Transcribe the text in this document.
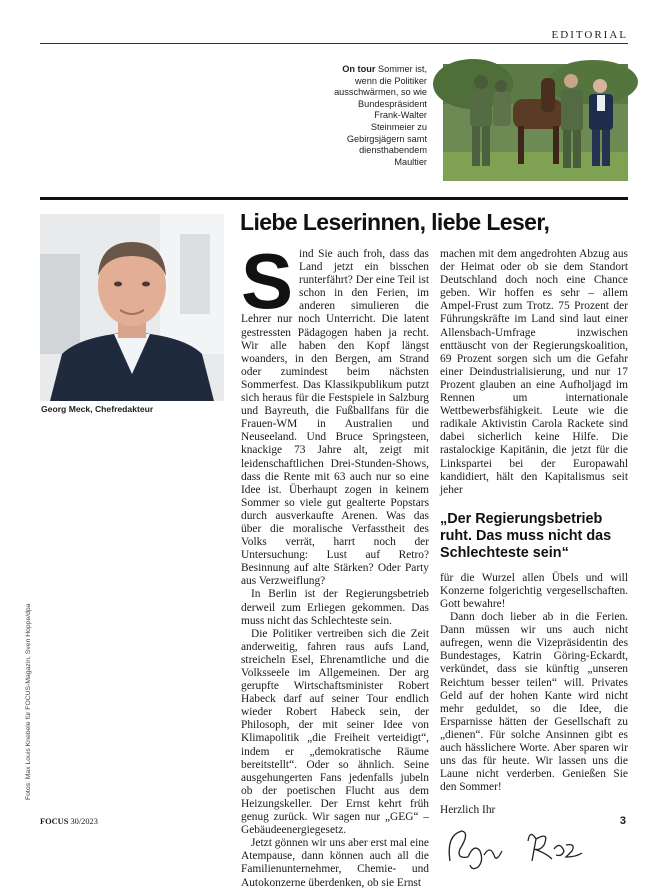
EDITORIAL
On tour Sommer ist, wenn die Politiker ausschwärmen, so wie Bundespräsident Frank-Walter Steinmeier zu Gebirgsjägern samt diensthabendem Maultier
Georg Meck, Chefredakteur
Liebe Leserinnen, liebe Leser,

Sind Sie auch froh, dass das Land jetzt ein bisschen runterfährt? Der eine Teil ist schon in den Ferien, im anderen simulieren die Lehrer nur noch Unterricht. Die latent gestressten Pädagogen haben ja recht. Wir alle haben den Kopf längst woanders, in den Bergen, am Strand oder zumindest beim nächsten Sommerfest. Das Klassikpublikum putzt sich heraus für die Festspiele in Salzburg und Bayreuth, die Fußballfans für die Frauen-WM in Australien und Neuseeland. Und Bruce Springsteen, knackige 73 Jahre alt, zeigt mit leidenschaftlichen Drei-Stunden-Shows, dass die Rente mit 63 auch nur so eine Idee ist. Überhaupt zogen in keinem Sommer so viele gut gealterte Popstars durch ausverkaufte Arenen. Was das über die moralische Verfasstheit des Volks verrät, harrt noch der Untersuchung: Lust auf Retro? Besinnung auf alte Stärken? Oder Party aus Verzweiflung?

In Berlin ist der Regierungsbetrieb derweil zum Erliegen gekommen. Das muss nicht das Schlechteste sein.

Die Politiker vertreiben sich die Zeit anderweitig, fahren raus aufs Land, streicheln Esel, Ehrenamtliche und die Volksseele im Allgemeinen. Der arg gerupfte Wirtschaftsminister Robert Habeck darf auf seiner Tour endlich wieder Robert Habeck sein, der Philosoph, der mit seiner Idee von Klimapolitik „die Freiheit verteidigt“, indem er „demokratische Räume bereitstellt“. Oder so ähnlich. Seine ausgehungerten Fans jedenfalls jubeln ob der poetischen Flucht aus dem Heizungskeller. Der Ernst kehrt früh genug zurück. Wir sagen nur „GEG“ – Gebäudeenergiegesetz.

Jetzt gönnen wir uns aber erst mal eine Atempause, dann können auch all die Familienunternehmer, Chemie- und Autokonzerne überdenken, ob sie Ernst

machen mit dem angedrohten Abzug aus der Heimat oder ob sie dem Standort Deutschland doch noch eine Chance geben. Wir hoffen es sehr – allem Ampel-Frust zum Trotz. 75 Prozent der Führungskräfte im Land sind laut einer Allensbach-Umfrage inzwischen enttäuscht von der Regierungskoalition, 69 Prozent sorgen sich um die Gefahr einer Deindustrialisierung, und nur 17 Prozent glauben an eine Aufholjagd im Rennen um internationale Wettbewerbsfähigkeit. Leute wie die radikale Aktivistin Carola Rackete sind dabei sicherlich keine Hilfe. Die rastalockige Kapitänin, die jetzt für die Linkspartei bei der Europawahl kandidiert, hält den Kapitalismus seit jeher

„Der Regierungsbetrieb ruht. Das muss nicht das Schlechteste sein“

für die Wurzel allen Übels und will Konzerne folgerichtig vergesellschaften. Gott bewahre!

Dann doch lieber ab in die Ferien. Dann müssen wir uns auch nicht aufregen, wenn die Vizepräsidentin des Bundestages, Katrin Göring-Eckardt, verkündet, dass sie künftig „unseren Reichtum besser teilen“ will. Privates Geld auf der hohen Kante wird nicht mehr geduldet, so die Idee, die Ersparnisse hätten der Gesellschaft zu „dienen“. Für solche Ansinnen gibt es auch hässlichere Worte. Aber sparen wir uns das für heute. Wir lassen uns die Laune nicht verderben. Genießen Sie den Sommer!

Herzlich Ihr

Fotos: Max Louis Knebele für FOCUS-Magazin, Sven Hoppe/dpa
FOCUS 30/2023	3
